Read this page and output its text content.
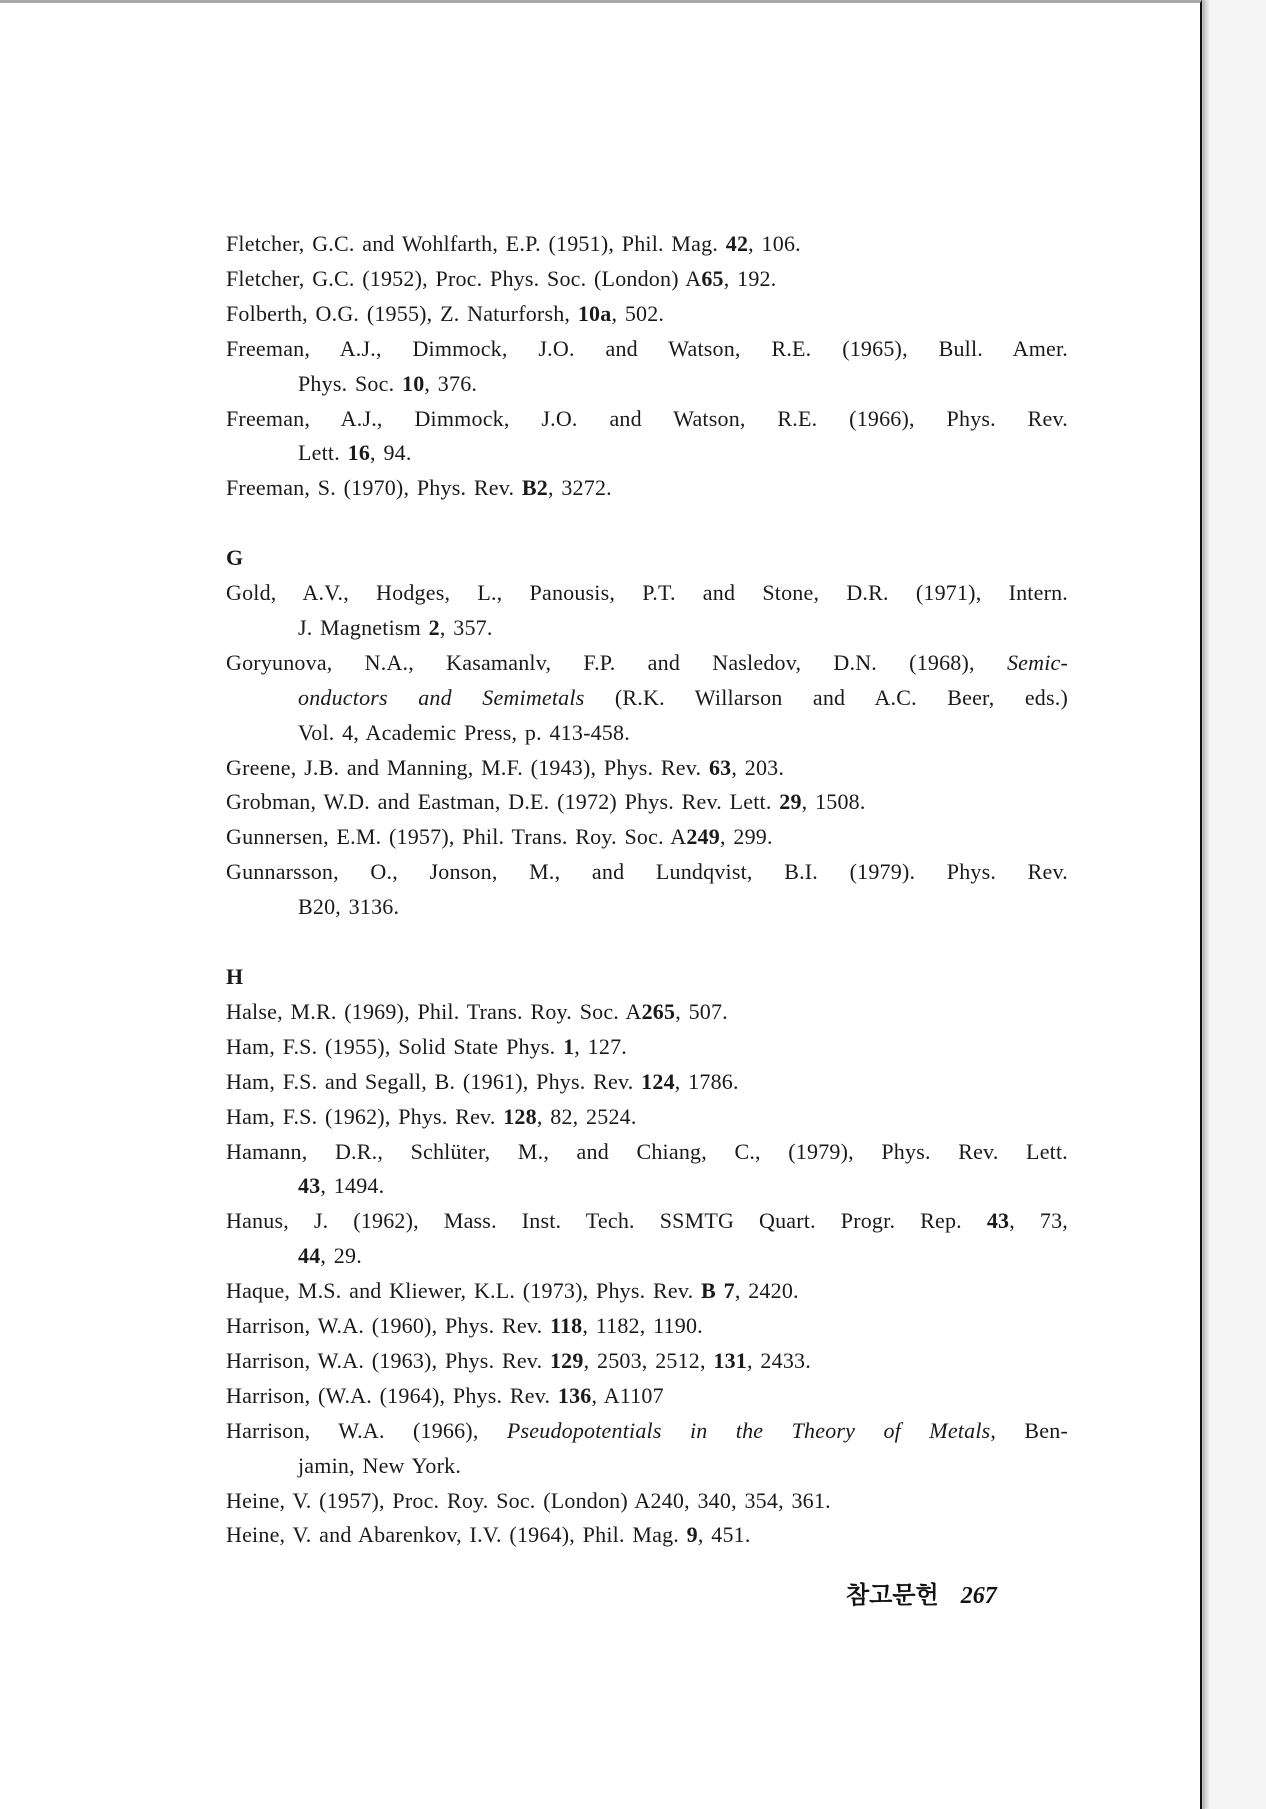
Fletcher, G.C. and Wohlfarth, E.P. (1951), Phil. Mag. 42, 106.
Fletcher, G.C. (1952), Proc. Phys. Soc. (London) A65, 192.
Folberth, O.G. (1955), Z. Naturforsh, 10a, 502.
Freeman, A.J., Dimmock, J.O. and Watson, R.E. (1965), Bull. Amer.
Phys. Soc. 10, 376.
Freeman, A.J., Dimmock, J.O. and Watson, R.E. (1966), Phys. Rev.
Lett. 16, 94.
Freeman, S. (1970), Phys. Rev. B2, 3272.
G
Gold, A.V., Hodges, L., Panousis, P.T. and Stone, D.R. (1971), Intern.
J. Magnetism 2, 357.
Goryunova, N.A., Kasamanlv, F.P. and Nasledov, D.N. (1968), Semic-
onductors and Semimetals (R.K. Willarson and A.C. Beer, eds.)
Vol. 4, Academic Press, p. 413-458.
Greene, J.B. and Manning, M.F. (1943), Phys. Rev. 63, 203.
Grobman, W.D. and Eastman, D.E. (1972) Phys. Rev. Lett. 29, 1508.
Gunnersen, E.M. (1957), Phil. Trans. Roy. Soc. A249, 299.
Gunnarsson, O., Jonson, M., and Lundqvist, B.I. (1979). Phys. Rev.
B20, 3136.
H
Halse, M.R. (1969), Phil. Trans. Roy. Soc. A265, 507.
Ham, F.S. (1955), Solid State Phys. 1, 127.
Ham, F.S. and Segall, B. (1961), Phys. Rev. 124, 1786.
Ham, F.S. (1962), Phys. Rev. 128, 82, 2524.
Hamann, D.R., Schlüter, M., and Chiang, C., (1979), Phys. Rev. Lett.
43, 1494.
Hanus, J. (1962), Mass. Inst. Tech. SSMTG Quart. Progr. Rep. 43, 73,
44, 29.
Haque, M.S. and Kliewer, K.L. (1973), Phys. Rev. B 7, 2420.
Harrison, W.A. (1960), Phys. Rev. 118, 1182, 1190.
Harrison, W.A. (1963), Phys. Rev. 129, 2503, 2512, 131, 2433.
Harrison, (W.A. (1964), Phys. Rev. 136, A1107
Harrison, W.A. (1966), Pseudopotentials in the Theory of Metals, Ben-
jamin, New York.
Heine, V. (1957), Proc. Roy. Soc. (London) A240, 340, 354, 361.
Heine, V. and Abarenkov, I.V. (1964), Phil. Mag. 9, 451.
참고문헌 267
